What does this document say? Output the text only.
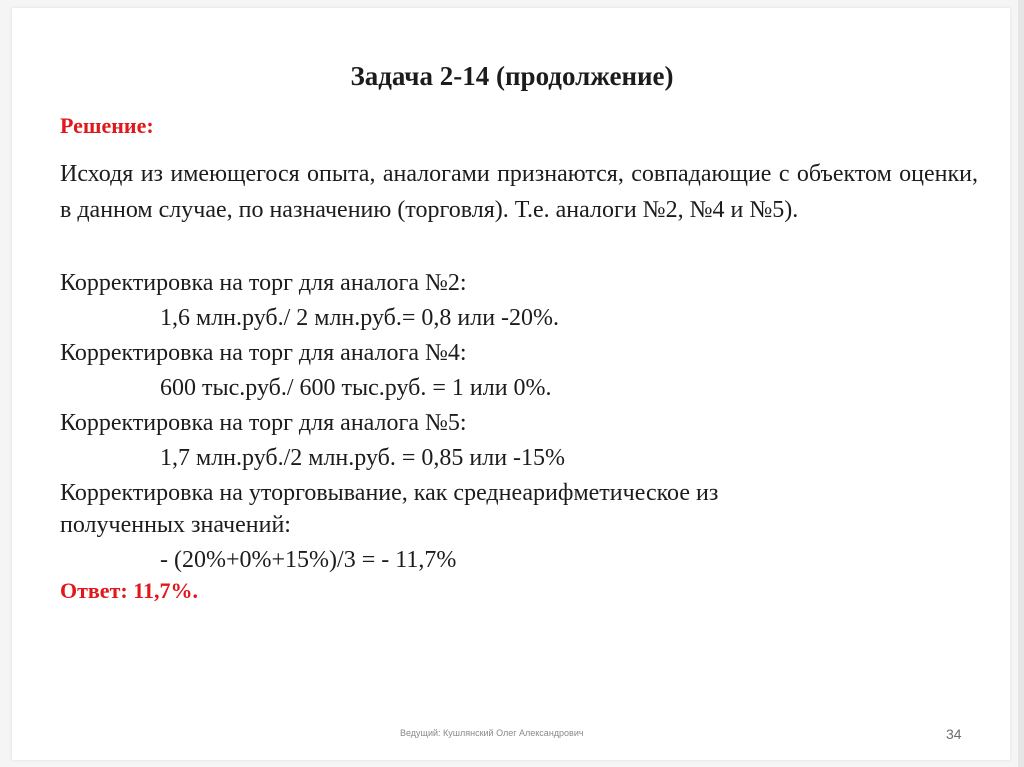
Задача 2-14 (продолжение)
Решение:
Исходя из имеющегося опыта, аналогами признаются, совпадающие с объектом оценки, в данном случае, по назначению (торговля). Т.е. аналоги №2, №4 и №5).
Корректировка на торг для аналога №2:
1,6 млн.руб./ 2 млн.руб.= 0,8 или -20%.
Корректировка на торг для аналога №4:
600 тыс.руб./ 600 тыс.руб. = 1 или 0%.
Корректировка на торг для аналога №5:
1,7 млн.руб./2 млн.руб. = 0,85 или -15%
Корректировка на уторговывание, как среднеарифметическое из
полученных значений:
- (20%+0%+15%)/3 = - 11,7%
Ответ: 11,7%.
Ведущий: Кушлянский Олег Александрович	34
